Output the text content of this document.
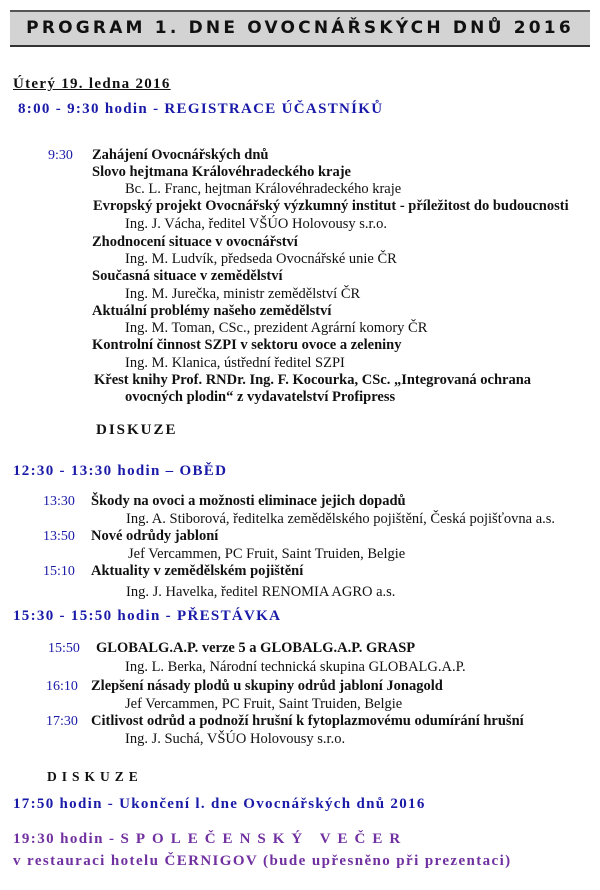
PROGRAM 1. DNE OVOCNÁŘSKÝCH DNŮ 2016
Úterý 19. ledna 2016
8:00 - 9:30 hodin - REGISTRACE ÚČASTNÍKŮ
9:30 Zahájení Ovocnářských dnů
Slovo hejtmana Královéhradeckého kraje
Bc. L. Franc, hejtman Královéhradeckého kraje
Evropský projekt Ovocnářský výzkumný institut - příležitost do budoucnosti
Ing. J. Vácha, ředitel VŠÚO Holovousy s.r.o.
Zhodnocení situace v ovocnářství
Ing. M. Ludvík, předseda Ovocnářské unie ČR
Současná situace v zemědělství
Ing. M. Jurečka, ministr zemědělství ČR
Aktuální problémy našeho zemědělství
Ing. M. Toman, CSc., prezident Agrární komory ČR
Kontrolní činnost SZPI v sektoru ovoce a zeleniny
Ing. M. Klanica, ústřední ředitel SZPI
Křest knihy Prof. RNDr. Ing. F. Kocourka, CSc. „Integrovaná ochrana
ovocných plodin“ z vydavatelství Profipress
DISKUZE
12:30 - 13:30 hodin – OBĚD
13:30 Škody na ovoci a možnosti eliminace jejich dopadů
Ing. A. Stiborová, ředitelka zemědělského pojištění, Česká pojišťovna a.s.
13:50 Nové odrůdy jabloní
Jef Vercammen, PC Fruit, Saint Truiden, Belgie
15:10 Aktuality v zemědělském pojištění
Ing. J. Havelka, ředitel RENOMIA AGRO a.s.
15:30 - 15:50 hodin - PŘESTÁVKA
15:50 GLOBALG.A.P. verze 5 a GLOBALG.A.P. GRASP
Ing. L. Berka, Národní technická skupina GLOBALG.A.P.
16:10 Zlepšení násady plodů u skupiny odrůd jabloní Jonagold
Jef Vercammen, PC Fruit, Saint Truiden, Belgie
17:30 Citlivost odrůd a podnoží hrušní k fytoplazmovému odumírání hrušní
Ing. J. Suchá, VŠÚO Holovousy s.r.o.
DISKUZE
17:50 hodin - Ukončení l. dne Ovocnářských dnů 2016
19:30 hodin - SPOLEČENSKÝ VEČER
v restauraci hotelu ČERNIGOV (bude upřesněno při prezentaci)
